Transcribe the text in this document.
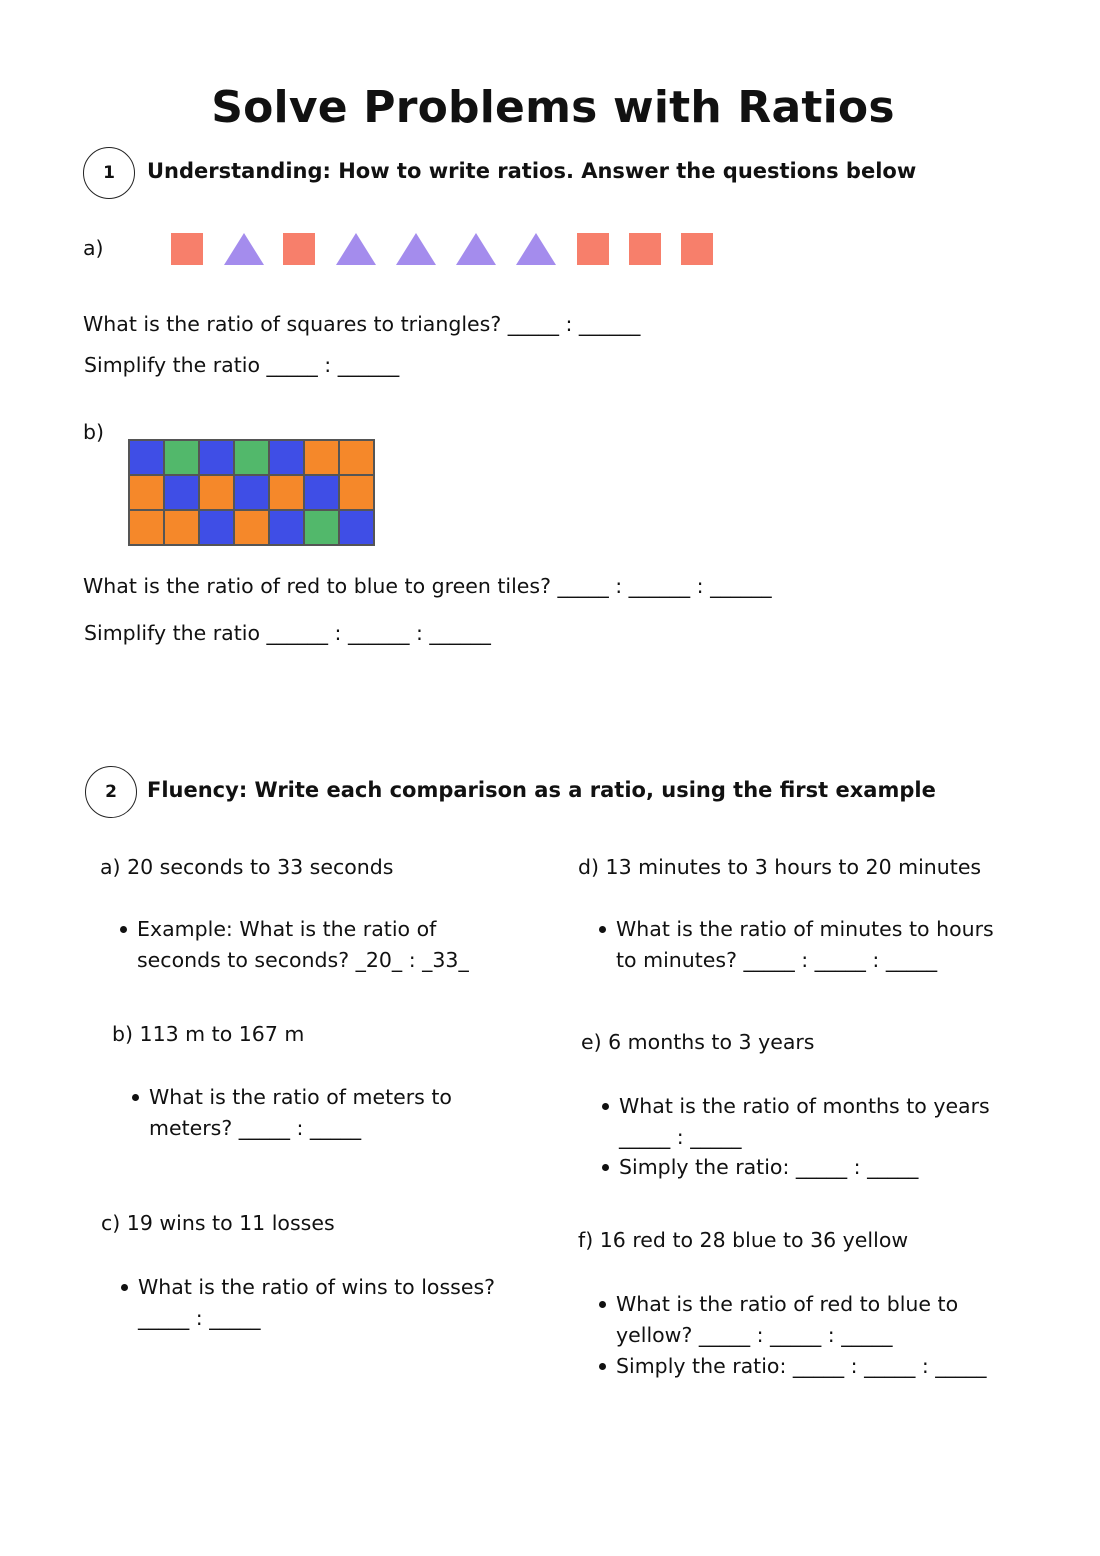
Solve Problems with Ratios
1	Understanding: How to write ratios. Answer the questions below
a)
What is the ratio of squares to triangles? _____ : ______
Simplify the ratio _____ : ______
b)
What is the ratio of red to blue to green tiles? _____ : ______ : ______
Simplify the ratio ______ : ______ : ______
2	Fluency: Write each comparison as a ratio, using the first example
a) 20 seconds to 33 seconds
Example: What is the ratio of seconds to seconds? _20_ : _33_
b) 113 m to 167 m
What is the ratio of meters to meters? _____ : _____
c) 19 wins to 11 losses
What is the ratio of wins to losses? _____ : _____
d) 13 minutes to 3 hours to 20 minutes
What is the ratio of minutes to hours to minutes? _____ : _____ : _____
e) 6 months to 3 years
What is the ratio of months to years _____ : _____
Simply the ratio: _____ : _____
f) 16 red to 28 blue to 36 yellow
What is the ratio of red to blue to yellow? _____ : _____ : _____
Simply the ratio: _____ : _____ : _____
